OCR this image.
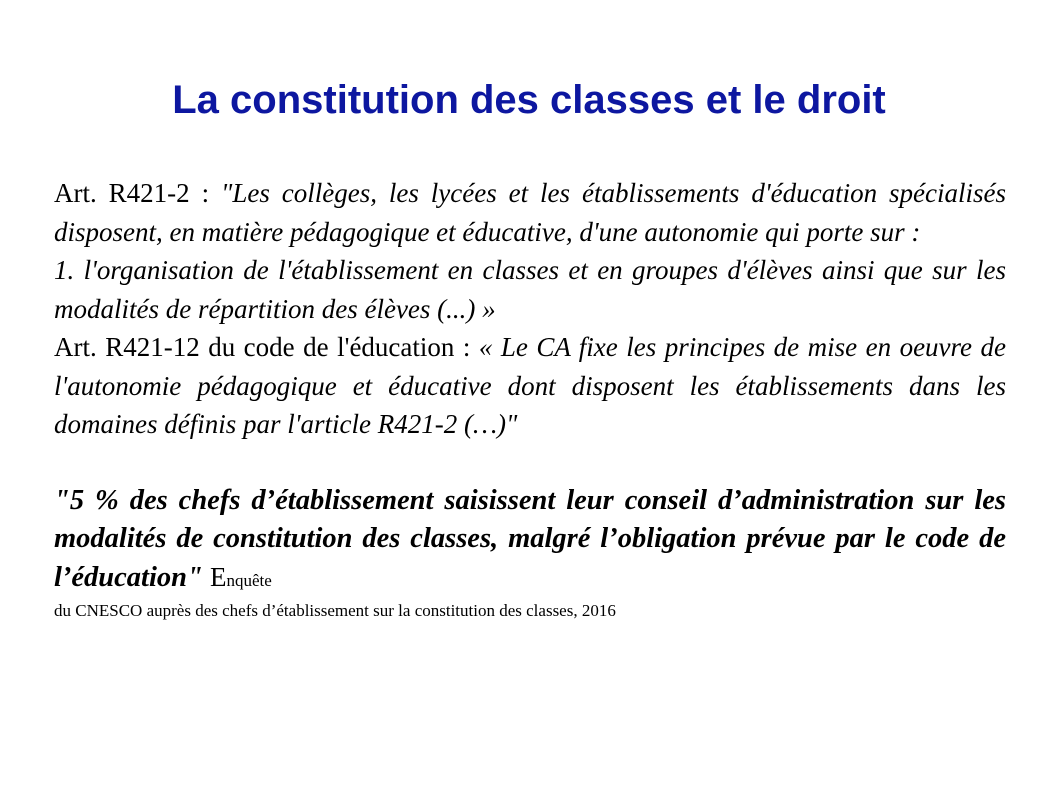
La constitution des classes et le droit

Art. R421-2 : "Les collèges, les lycées et les établissements d'éducation spécialisés disposent, en matière pédagogique et éducative, d'une autonomie qui porte sur :

1. l'organisation de l'établissement en classes et en groupes d'élèves ainsi que sur les modalités de répartition des élèves (...) »

Art. R421-12 du code de l'éducation : « Le CA fixe les principes de mise en oeuvre de l'autonomie pédagogique et éducative dont disposent les établissements dans les domaines définis par l'article R421-2 (…)"

"5 % des chefs d’établissement saisissent leur conseil d’administration sur les modalités de constitution des classes, malgré l’obligation prévue par le code de l’éducation" Enquête

du CNESCO auprès des chefs d’établissement sur la constitution des classes, 2016
